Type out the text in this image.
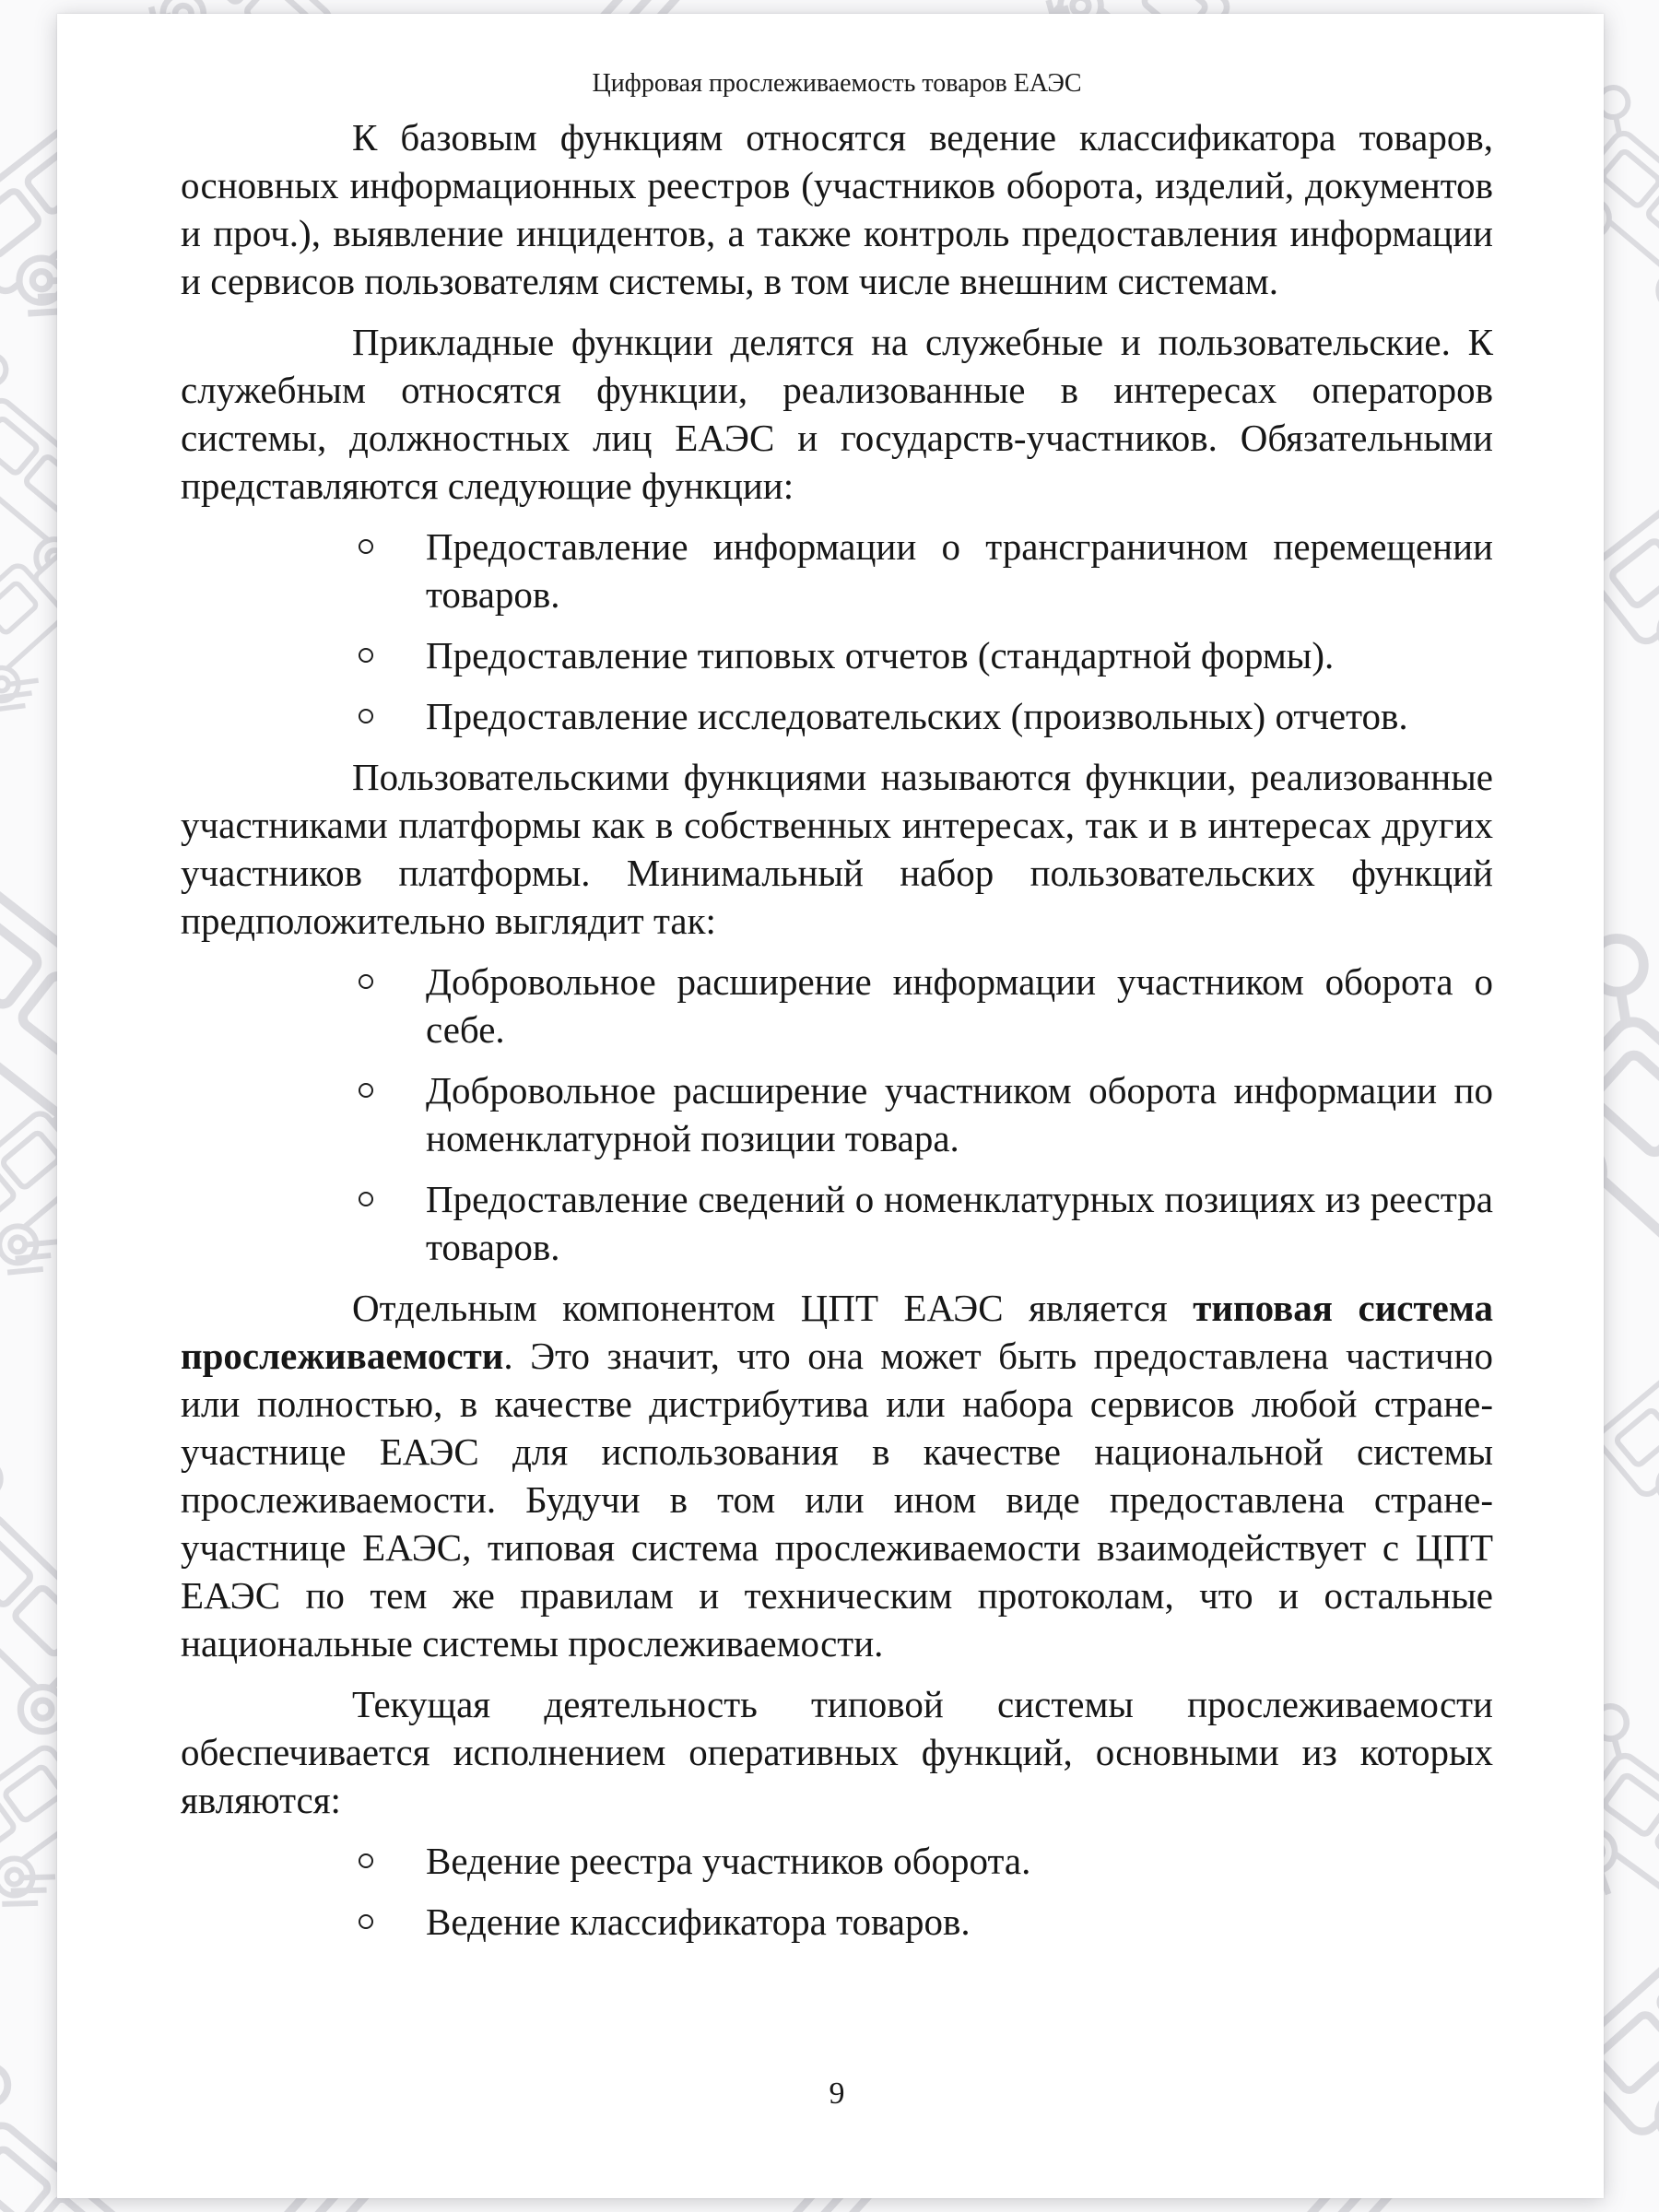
Цифровая прослеживаемость товаров ЕАЭС

К базовым функциям относятся ведение классификатора товаров, основных информационных реестров (участников оборота, изделий, документов и проч.), выявление инцидентов, а также контроль предоставления информации и сервисов пользователям системы, в том числе внешним системам.

Прикладные функции делятся на служебные и пользовательские. К служебным относятся функции, реализованные в интересах операторов системы, должностных лиц ЕАЭС и государств-участников. Обязательными представляются следующие функции:

Предоставление информации о трансграничном перемещении товаров.
Предоставление типовых отчетов (стандартной формы).
Предоставление исследовательских (произвольных) отчетов.

Пользовательскими функциями называются функции, реализованные участниками платформы как в собственных интересах, так и в интересах других участников платформы. Минимальный набор пользовательских функций предположительно выглядит так:

Добровольное расширение информации участником оборота о себе.
Добровольное расширение участником оборота информации по номенклатурной позиции товара.
Предоставление сведений о номенклатурных позициях из реестра товаров.

Отдельным компонентом ЦПТ ЕАЭС является типовая система прослеживаемости. Это значит, что она может быть предоставлена частично или полностью, в качестве дистрибутива или набора сервисов любой стране-участнице ЕАЭС для использования в качестве национальной системы прослеживаемости. Будучи в том или ином виде предоставлена стране-участнице ЕАЭС, типовая система прослеживаемости взаимодействует с ЦПТ ЕАЭС по тем же правилам и техническим протоколам, что и остальные национальные системы прослеживаемости.

Текущая деятельность типовой системы прослеживаемости обеспечивается исполнением оперативных функций, основными из которых являются:

Ведение реестра участников оборота.
Ведение классификатора товаров.
9
